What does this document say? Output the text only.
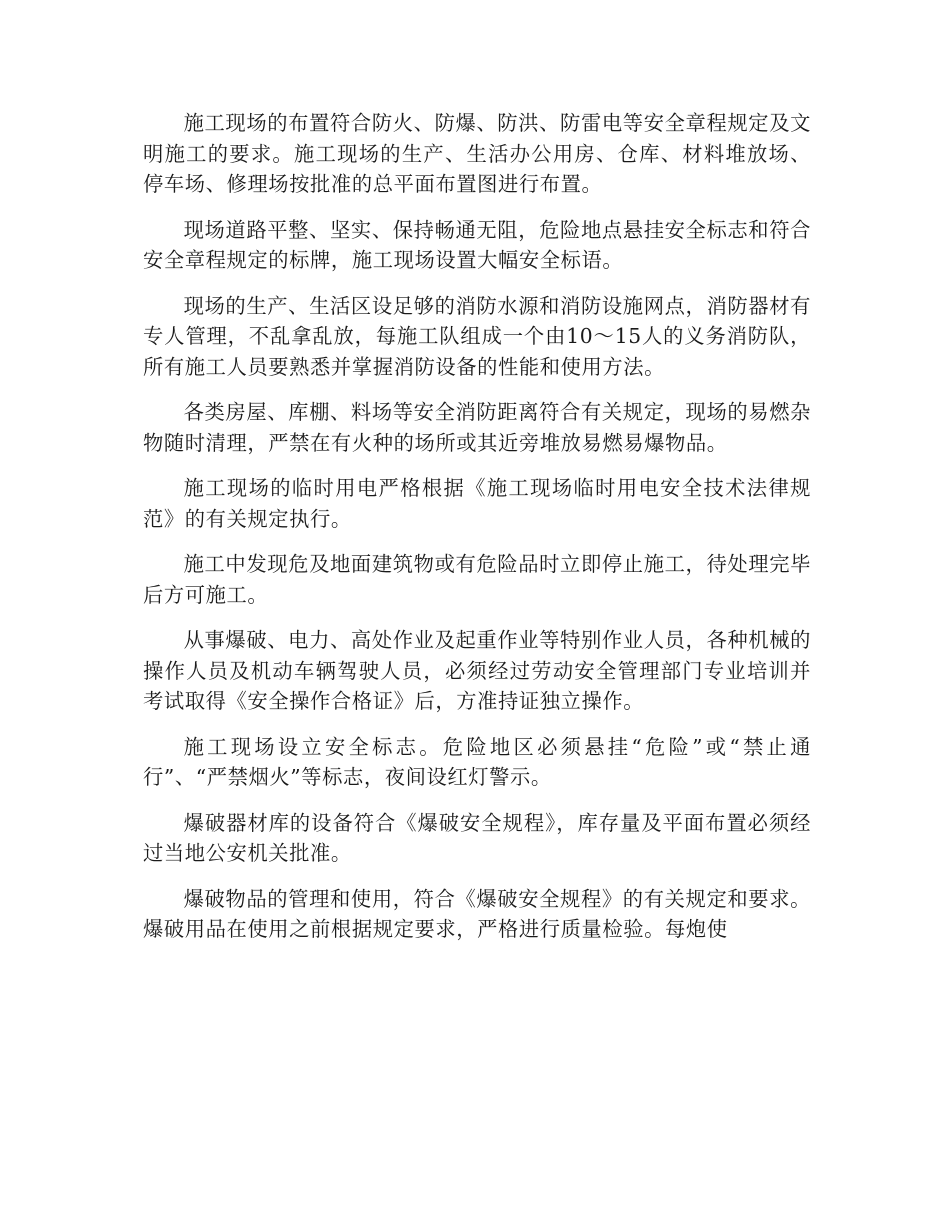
施工现场的布置符合防火、防爆、防洪、防雷电等安全章程规定及文明施工的要求。施工现场的生产、生活办公用房、仓库、材料堆放场、停车场、修理场按批准的总平面布置图进行布置。

现场道路平整、坚实、保持畅通无阻，危险地点悬挂安全标志和符合安全章程规定的标牌，施工现场设置大幅安全标语。

现场的生产、生活区设足够的消防水源和消防设施网点，消防器材有专人管理，不乱拿乱放，每施工队组成一个由10～15人的义务消防队，所有施工人员要熟悉并掌握消防设备的性能和使用方法。

各类房屋、库棚、料场等安全消防距离符合有关规定，现场的易燃杂物随时清理，严禁在有火种的场所或其近旁堆放易燃易爆物品。

施工现场的临时用电严格根据《施工现场临时用电安全技术法律规范》的有关规定执行。

施工中发现危及地面建筑物或有危险品时立即停止施工，待处理完毕后方可施工。

从事爆破、电力、高处作业及起重作业等特别作业人员，各种机械的操作人员及机动车辆驾驶人员，必须经过劳动安全管理部门专业培训并考试取得《安全操作合格证》后，方准持证独立操作。

施工现场设立安全标志。危险地区必须悬挂“危险”或“禁止通行”、“严禁烟火”等标志，夜间设红灯警示。

爆破器材库的设备符合《爆破安全规程》，库存量及平面布置必须经过当地公安机关批准。

爆破物品的管理和使用，符合《爆破安全规程》的有关规定和要求。爆破用品在使用之前根据规定要求，严格进行质量检验。每炮使
